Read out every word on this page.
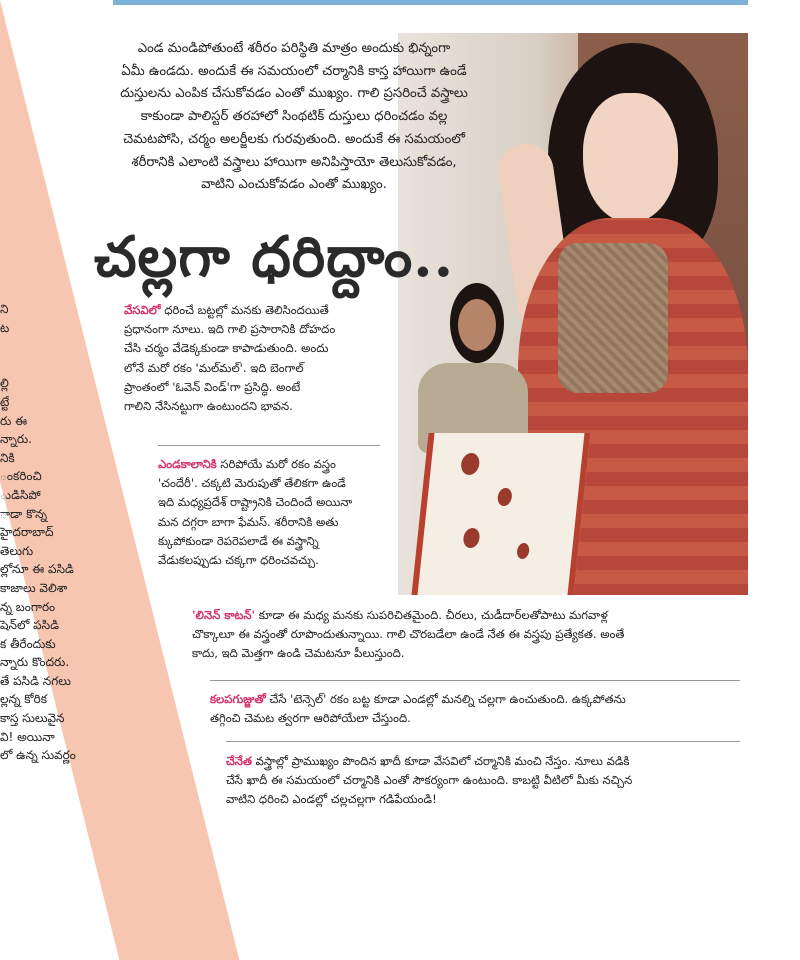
ని
ట
ల్లి
ట్టే
రు ఈ
న్నారు.
నికి
ంకరించి
ుడిసిపో
ాడా కొన్న
హైదరాబాద్
తెలుగు
ల్లోనూ ఈ పసిడి
కాజాలు వెలిశా
న్న బంగారం
షెన్‌లో పసిడి
క తీరేందుకు
న్నారు కొందరు.
తే పసిడి నగలు
ల్లన్న కోరిక
కాస్త సులువైన
వి! అయినా
లో ఉన్న సువర్ణం
ఎండ మండిపోతుంటే శరీరం పరిస్థితి మాత్రం అందుకు భిన్నంగా
ఏమీ ఉండదు. అందుకే ఈ సమయంలో చర్మానికి కాస్త హాయిగా ఉండే
దుస్తులను ఎంపిక చేసుకోవడం ఎంతో ముఖ్యం. గాలి ప్రసరించే వస్త్రాలు
కాకుండా పాలిస్టర్ తరహాలో సింథటిక్ దుస్తులు ధరించడం వల్ల
చెమటపోసి, చర్మం అలర్జీలకు గురవుతుంది. అందుకే ఈ సమయంలో
శరీరానికి ఎలాంటి వస్త్రాలు హాయిగా అనిపిస్తాయో తెలుసుకోవడం,
వాటిని ఎంచుకోవడం ఎంతో ముఖ్యం.
చల్లగా ధరిద్దాం..
వేసవిలో ధరించే బట్టల్లో మనకు తెలిసిందయితే
ప్రధానంగా నూలు. ఇది గాలి ప్రసారానికి దోహదం
చేసి చర్మం వేడెక్కకుండా కాపాడుతుంది. అందు
లోనే మరో రకం 'మల్‌మల్'. ఇది బెంగాల్
ప్రాంతంలో 'ఓవెన్ విండ్'గా ప్రసిద్ధి. అంటే
గాలిని నేసినట్టుగా ఉంటుందని భావన.
ఎండకాలానికి సరిపోయే మరో రకం వస్త్రం
'చందేరీ'. చక్కటి మెరుపుతో తేలికగా ఉండే
ఇది మధ్యప్రదేశ్ రాష్ట్రానికి చెందిందే అయినా
మన దగ్గరా బాగా ఫేమస్. శరీరానికి అతు
క్కుపోకుండా రెపరెపలాడే ఈ వస్త్రాన్ని
వేడుకలప్పుడు చక్కగా ధరించవచ్చు.
'లినెన్ కాటన్' కూడా ఈ మధ్య మనకు సుపరిచితమైంది. చీరలు, చుడీదార్‌లతోపాటు మగవాళ్ల
చొక్కాలూ ఈ వస్త్రంతో రూపొందుతున్నాయి. గాలి చొరబడేలా ఉండే నేత ఈ వస్త్రపు ప్రత్యేకత. అంతే
కాదు, ఇది మెత్తగా ఉండి చెమటనూ పీలుస్తుంది.
కలపగుజ్జుతో చేసే 'టెన్సెల్' రకం బట్ట కూడా ఎండల్లో మనల్ని చల్లగా ఉంచుతుంది. ఉక్కపోతను
తగ్గించి చెమట త్వరగా ఆరిపోయేలా చేస్తుంది.
చేనేత వస్త్రాల్లో ప్రాముఖ్యం పొందిన ఖాదీ కూడా వేసవిలో చర్మానికి మంచి నేస్తం. నూలు వడికి
చేసే ఖాదీ ఈ సమయంలో చర్మానికి ఎంతో సౌకర్యంగా ఉంటుంది. కాబట్టి వీటిలో మీకు నచ్చిన
వాటిని ధరించి ఎండల్లో చల్లచల్లగా గడిపేయండి!
